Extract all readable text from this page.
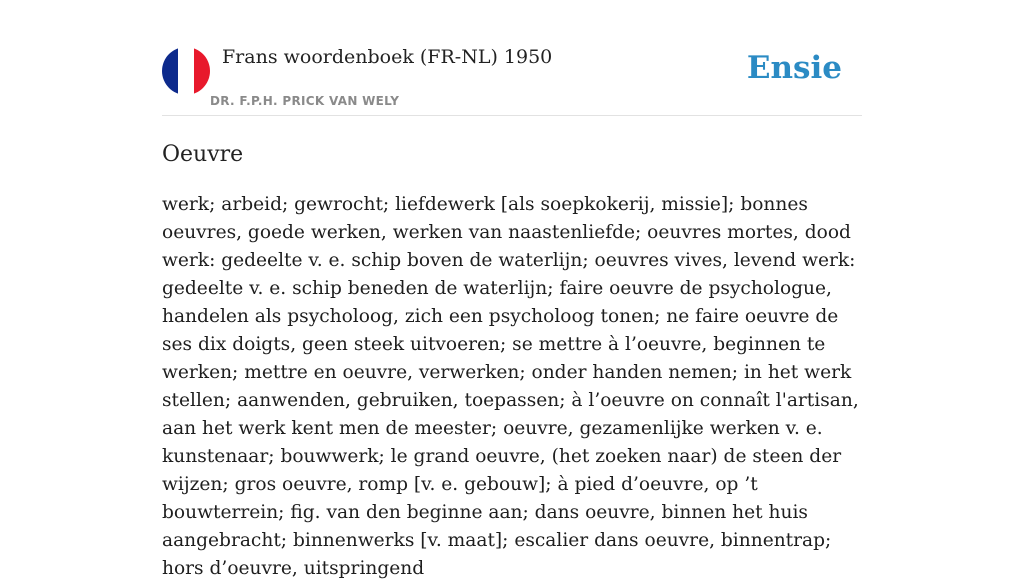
Frans woordenboek (FR-NL) 1950
DR. F.P.H. PRICK VAN WELY
Ensie
Oeuvre

werk; arbeid; gewrocht; liefdewerk [als soepkokerij, missie]; bonnes oeuvres, goede werken, werken van naastenliefde; oeuvres mortes, dood werk: gedeelte v. e. schip boven de waterlijn; oeuvres vives, levend werk: gedeelte v. e. schip beneden de waterlijn; faire oeuvre de psychologue, handelen als psycholoog, zich een psycholoog tonen; ne faire oeuvre de ses dix doigts, geen steek uitvoeren; se mettre à l’oeuvre, beginnen te werken; mettre en oeuvre, verwerken; onder handen nemen; in het werk stellen; aanwenden, gebruiken, toepassen; à l’oeuvre on connaît l'artisan, aan het werk kent men de meester; oeuvre, gezamenlijke werken v. e. kunstenaar; bouwwerk; le grand oeuvre, (het zoeken naar) de steen der wijzen; gros oeuvre, romp [v. e. gebouw]; à pied d’oeuvre, op ’t bouwterrein; fig. van den beginne aan; dans oeuvre, binnen het huis aangebracht; binnenwerks [v. maat]; escalier dans oeuvre, binnentrap; hors d’oeuvre, uitspringend
